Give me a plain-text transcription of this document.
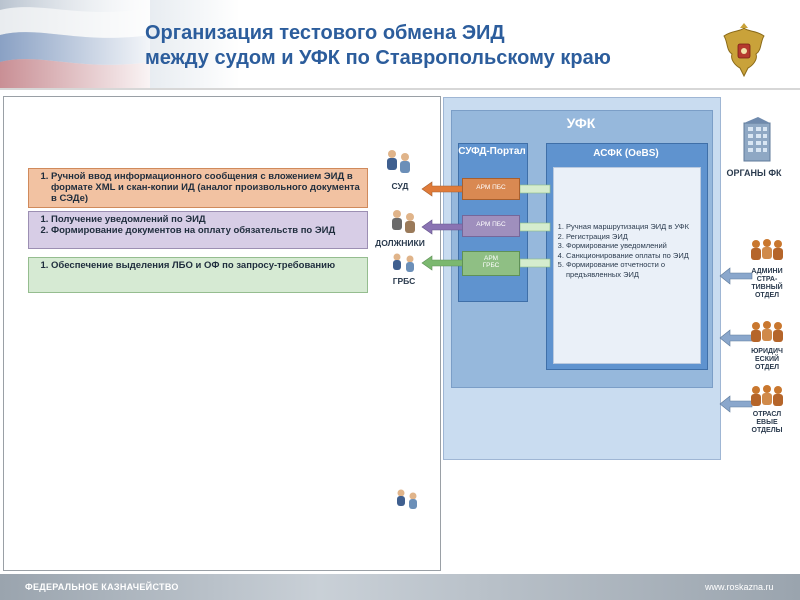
Организация тестового обмена ЭИД
между судом и УФК по Ставропольскому краю
1. Ручной ввод информационного сообщения с вложением ЭИД в формате XML и скан-копии ИД (аналог произвольного документа в СЭДе)
1. Получение уведомлений по ЭИД
2. Формирование документов на оплату обязательств по ЭИД
1. Обеспечение выделения ЛБО и ОФ по запросу-требованию
СУД
ДОЛЖНИКИ
ГРБС
УФК
СУФД-Портал	АСФК (OeBS)
1. Ручная маршрутизация ЭИД в УФК
2. Регистрация ЭИД
3. Формирование уведомлений
4. Санкционирование оплаты по ЭИД
5. Формирование отчетности о предъявленных ЭИД
АРМ ПБС
АРМ ПБС
АРМ
ГРБС
ОРГАНЫ ФК
АДМИНИ СТРА-ТИВНЫЙ ОТДЕЛ
ЮРИДИЧ ЕСКИЙ ОТДЕЛ
ОТРАСЛ ЕВЫЕ ОТДЕЛЫ
ФЕДЕРАЛЬНОЕ КАЗНАЧЕЙСТВО	www.roskazna.ru
